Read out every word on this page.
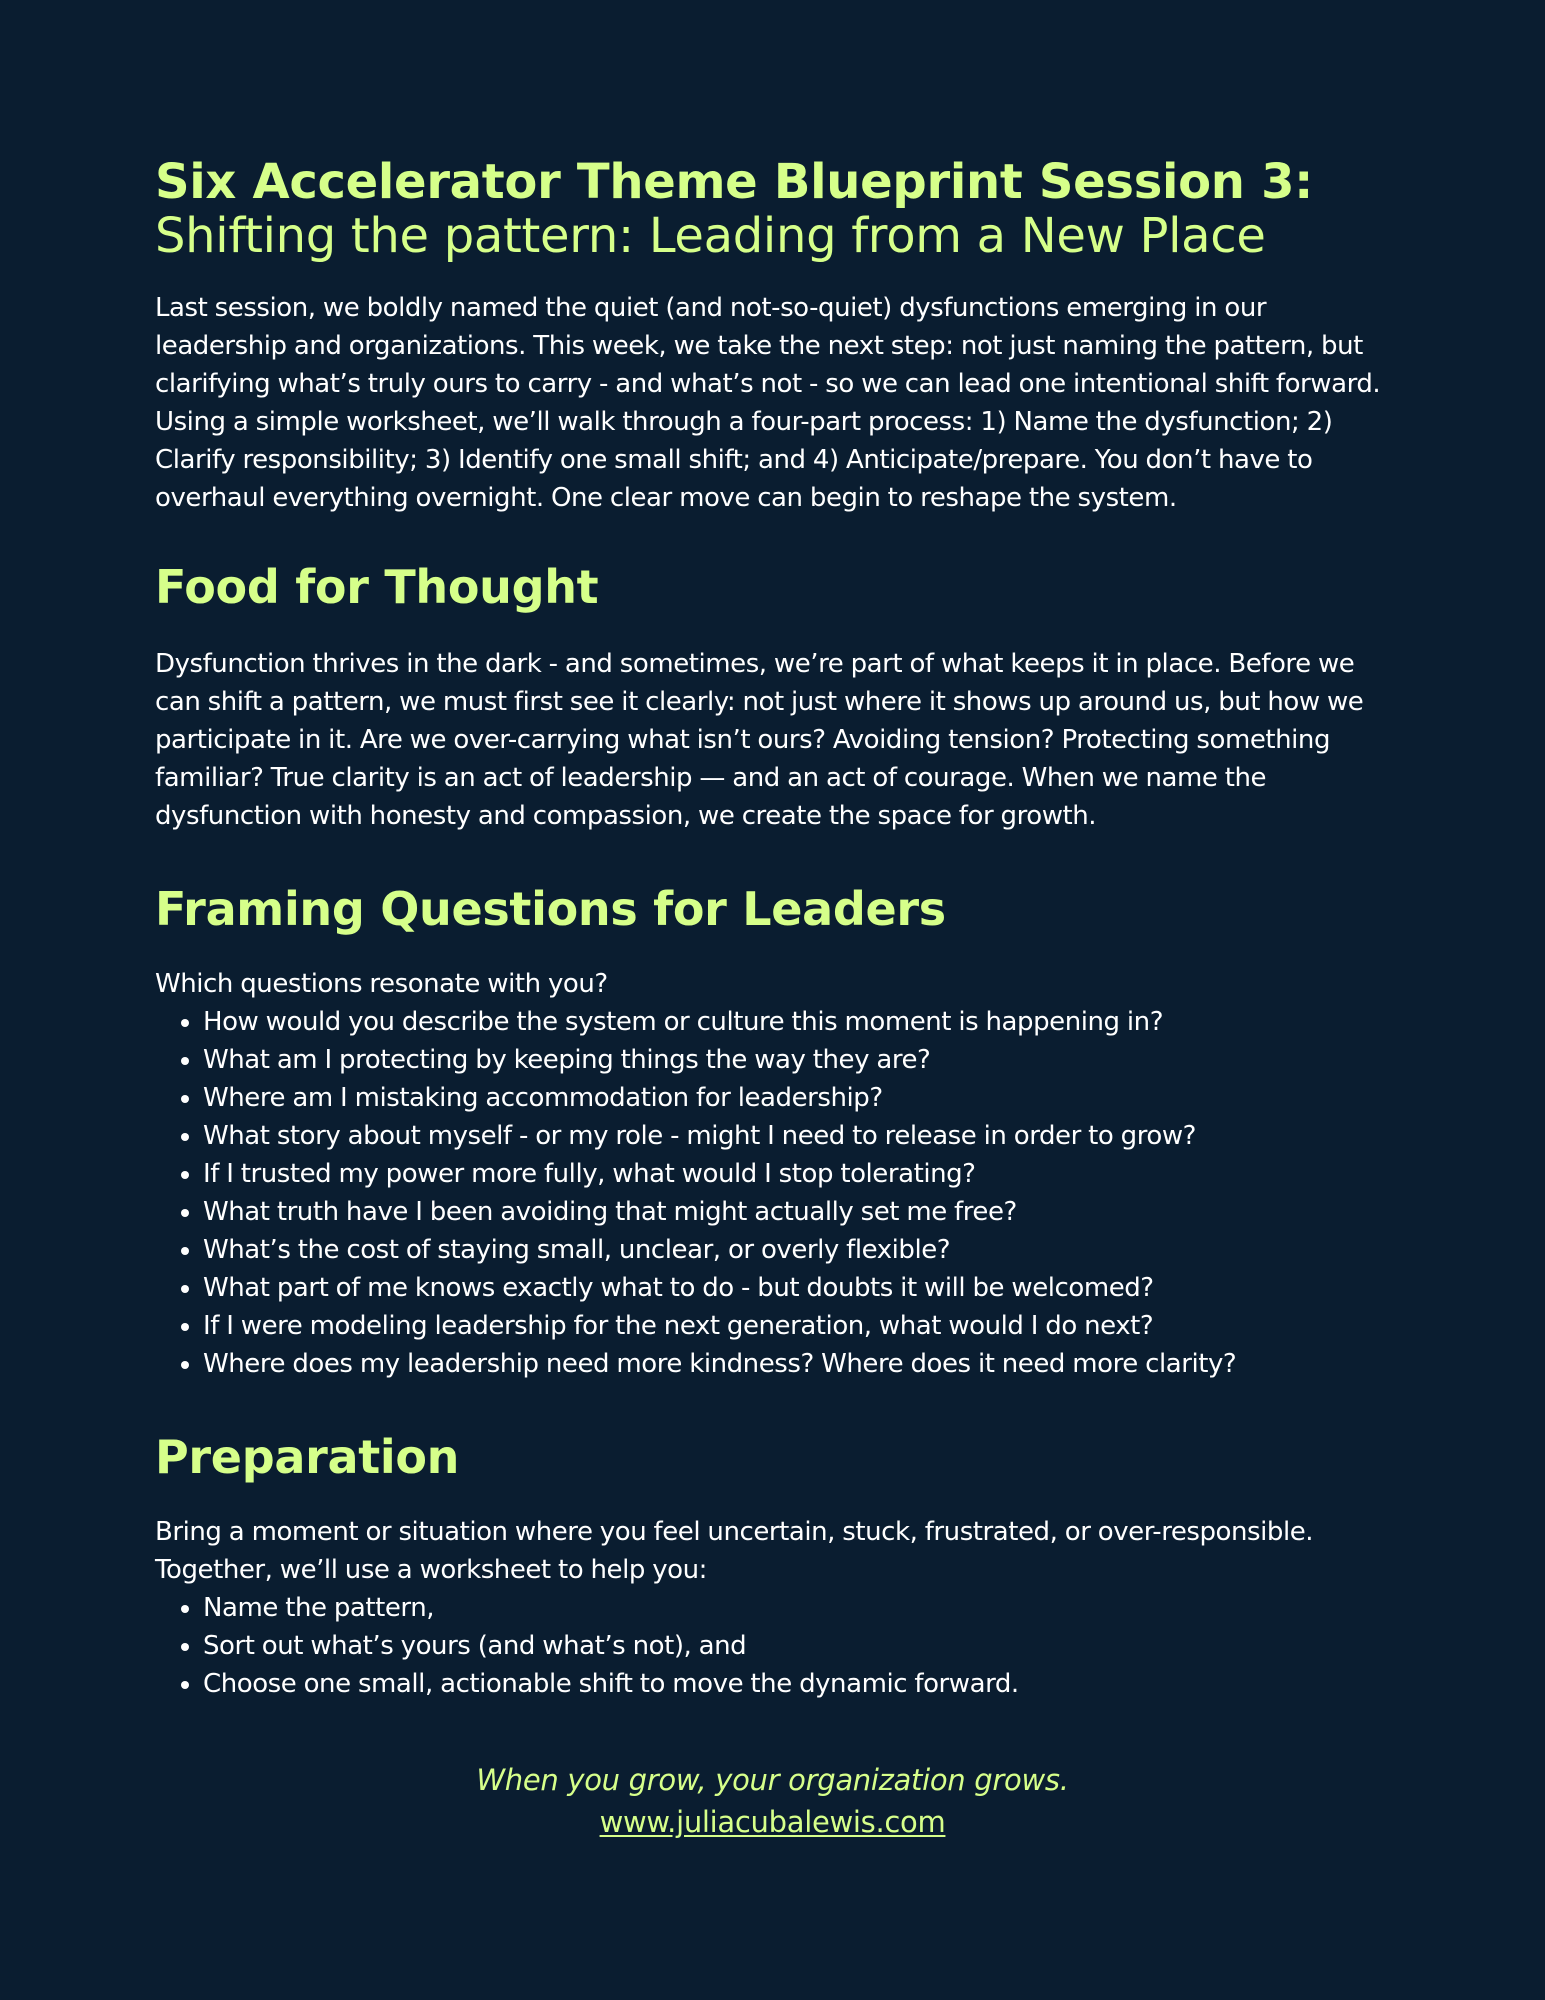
Six Accelerator Theme Blueprint Session 3:
Shifting the pattern: Leading from a New Place

Last session, we boldly named the quiet (and not-so-quiet) dysfunctions emerging in our leadership and organizations. This week, we take the next step: not just naming the pattern, but clarifying what’s truly ours to carry - and what’s not - so we can lead one intentional shift forward. Using a simple worksheet, we’ll walk through a four-part process: 1) Name the dysfunction; 2) Clarify responsibility; 3) Identify one small shift; and 4) Anticipate/prepare. You don’t have to overhaul everything overnight. One clear move can begin to reshape the system.

Food for Thought

Dysfunction thrives in the dark - and sometimes, we’re part of what keeps it in place. Before we can shift a pattern, we must first see it clearly: not just where it shows up around us, but how we participate in it. Are we over-carrying what isn’t ours? Avoiding tension? Protecting something familiar? True clarity is an act of leadership — and an act of courage. When we name the dysfunction with honesty and compassion, we create the space for growth.

Framing Questions for Leaders

Which questions resonate with you?

• How would you describe the system or culture this moment is happening in?
• What am I protecting by keeping things the way they are?
• Where am I mistaking accommodation for leadership?
• What story about myself - or my role - might I need to release in order to grow?
• If I trusted my power more fully, what would I stop tolerating?
• What truth have I been avoiding that might actually set me free?
• What’s the cost of staying small, unclear, or overly flexible?
• What part of me knows exactly what to do - but doubts it will be welcomed?
• If I were modeling leadership for the next generation, what would I do next?
• Where does my leadership need more kindness? Where does it need more clarity?
Preparation

Bring a moment or situation where you feel uncertain, stuck, frustrated, or over-responsible. Together, we’ll use a worksheet to help you:

• Name the pattern,
• Sort out what’s yours (and what’s not), and
• Choose one small, actionable shift to move the dynamic forward.

When you grow, your organization grows.

www.juliacubalewis.com
